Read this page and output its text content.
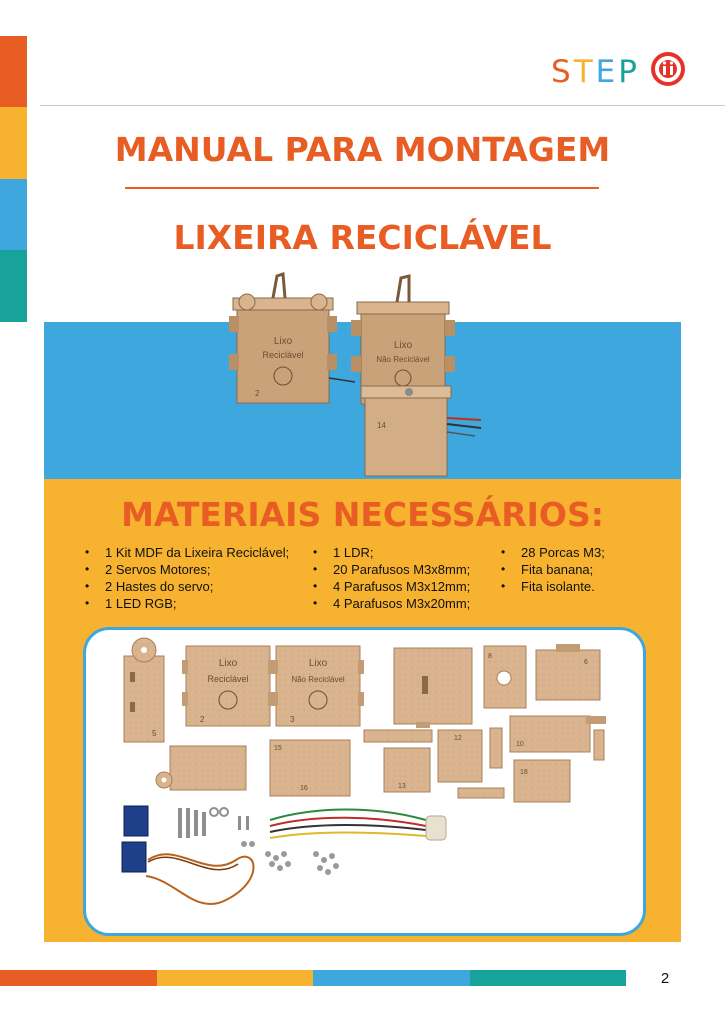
STEP
MANUAL PARA MONTAGEM
LIXEIRA RECICLÁVEL
Lixo
Reciclável
2
Lixo
Não Reciclável
14
MATERIAIS NECESSÁRIOS:
• 1 Kit MDF da Lixeira Reciclável;
• 2 Servos Motores;
• 2 Hastes do servo;
• 1 LED RGB;
• 1 LDR;
• 20 Parafusos M3x8mm;
• 4 Parafusos M3x12mm;
• 4 Parafusos M3x20mm;
• 28 Porcas M3;
• Fita banana;
• Fita isolante.
5
Lixo
Reciclável
2
Lixo
Não Reciclável
3
8
6
15
12
10
13
18
16
2
